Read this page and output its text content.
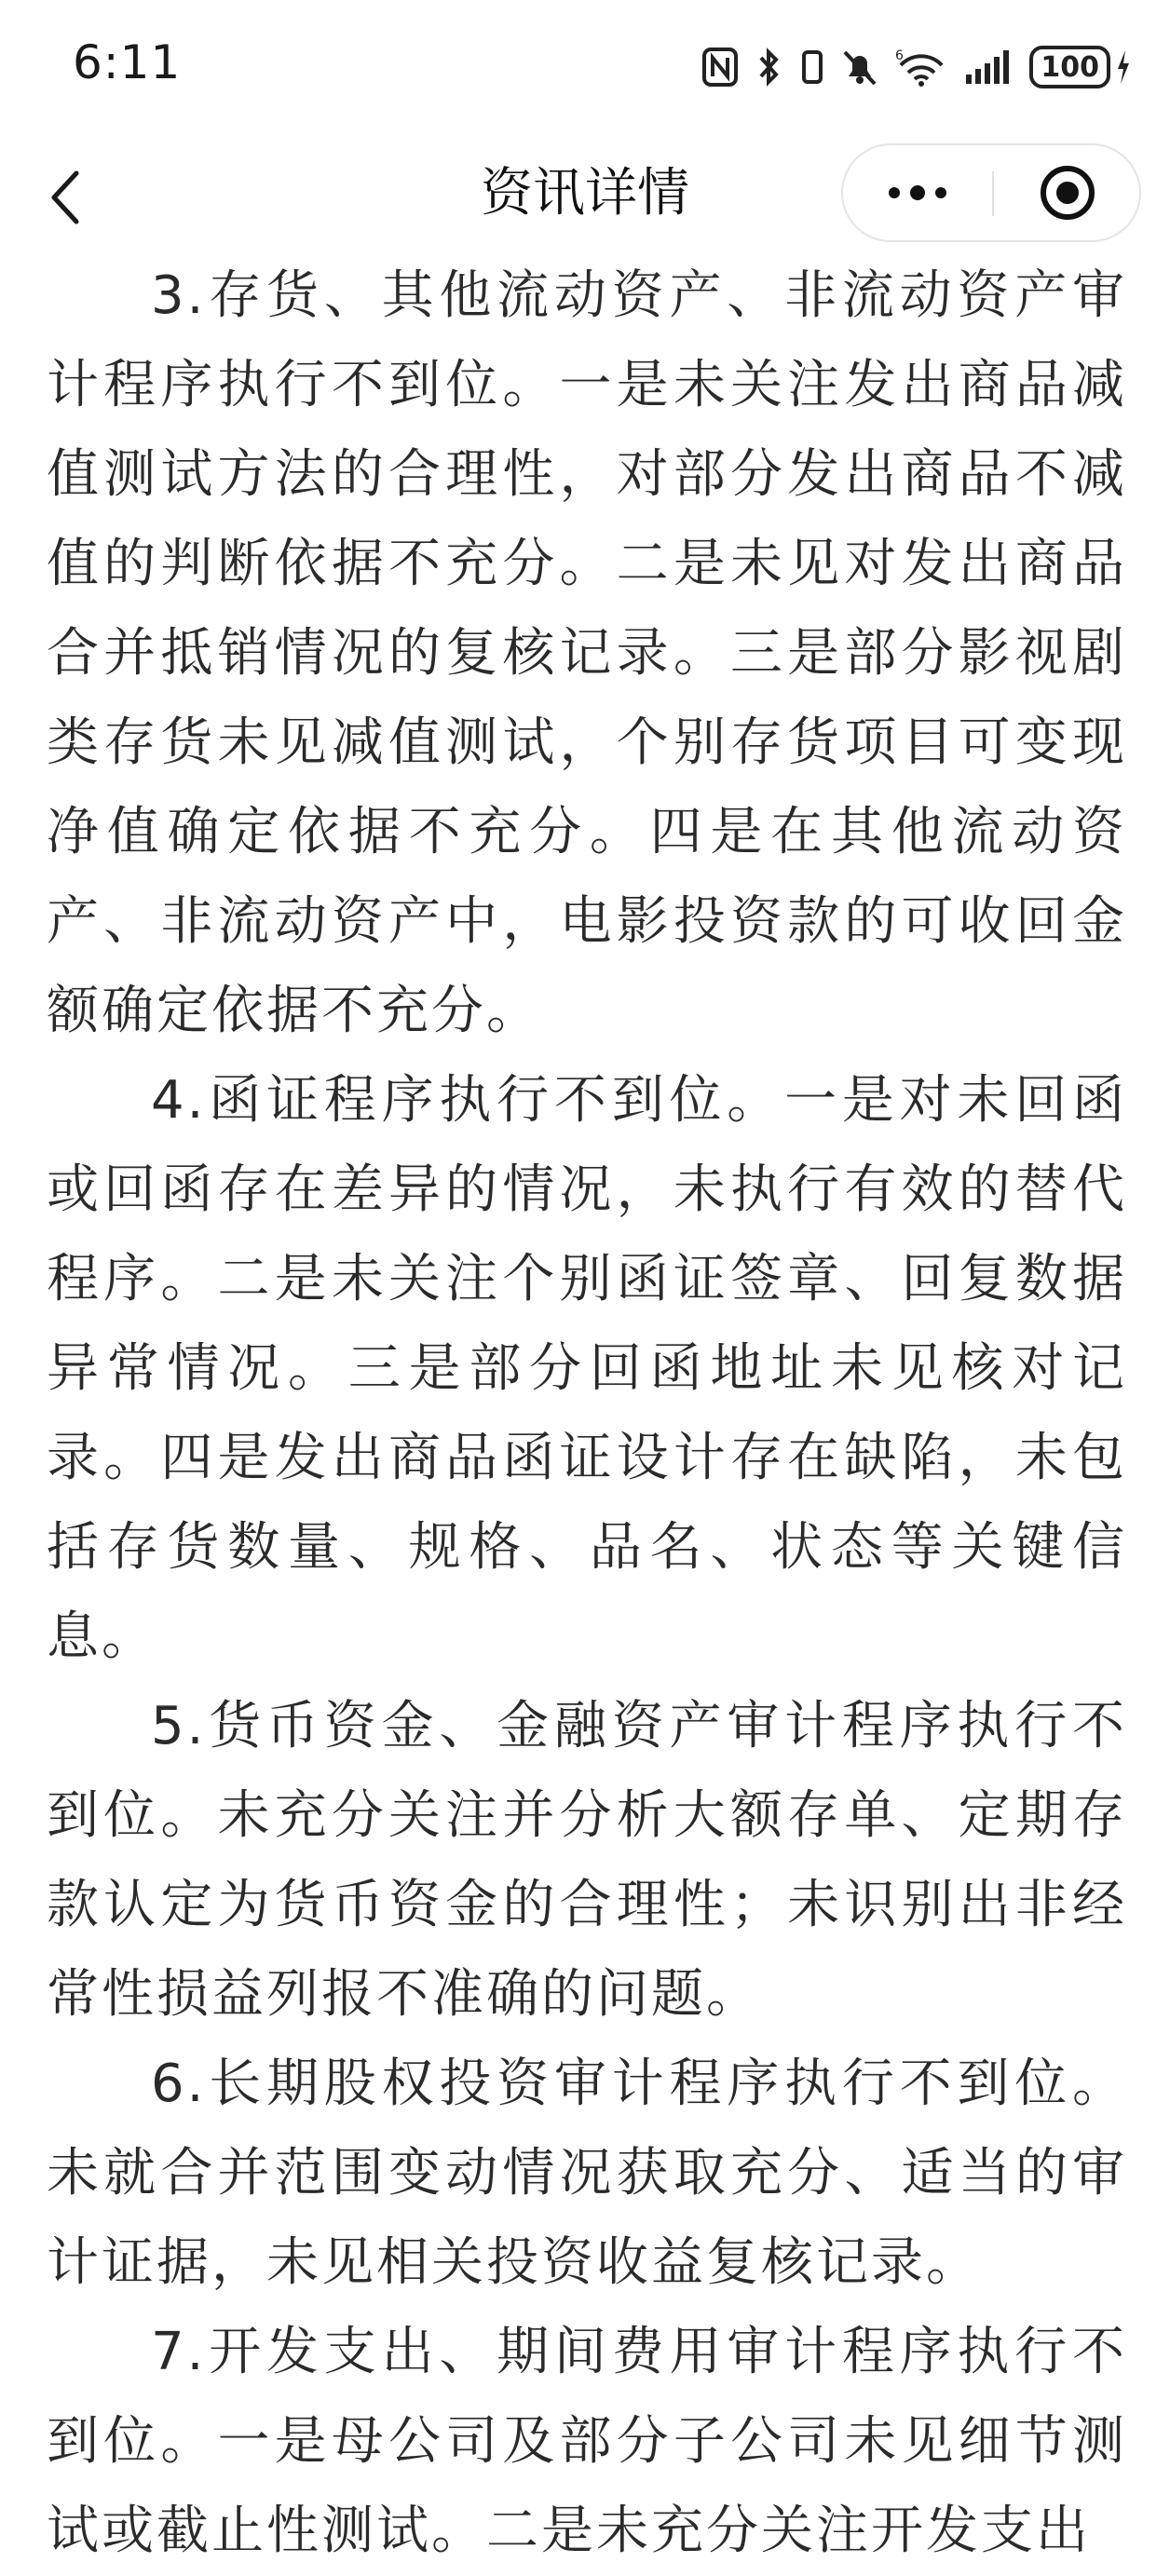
6:11	6	100
资讯详情

3.存货、其他流动资产、非流动资产审计程序执行不到位。一是未关注发出商品减值测试方法的合理性，对部分发出商品不减值的判断依据不充分。二是未见对发出商品合并抵销情况的复核记录。三是部分影视剧类存货未见减值测试，个别存货项目可变现净值确定依据不充分。四是在其他流动资产、非流动资产中，电影投资款的可收回金额确定依据不充分。

4.函证程序执行不到位。一是对未回函或回函存在差异的情况，未执行有效的替代程序。二是未关注个别函证签章、回复数据异常情况。三是部分回函地址未见核对记录。四是发出商品函证设计存在缺陷，未包括存货数量、规格、品名、状态等关键信息。

5.货币资金、金融资产审计程序执行不到位。未充分关注并分析大额存单、定期存款认定为货币资金的合理性；未识别出非经常性损益列报不准确的问题。

6.长期股权投资审计程序执行不到位。未就合并范围变动情况获取充分、适当的审计证据，未见相关投资收益复核记录。

7.开发支出、期间费用审计程序执行不到位。一是母公司及部分子公司未见细节测试或截止性测试。二是未充分关注开发支出
